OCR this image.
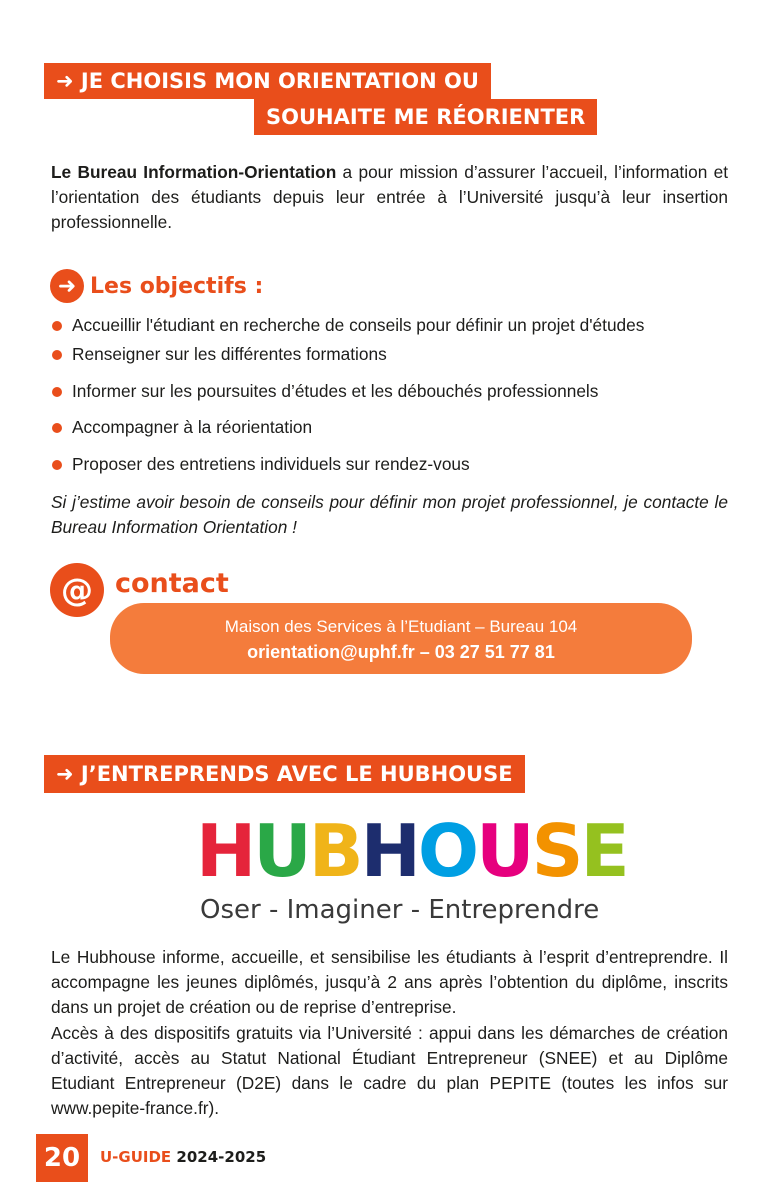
➜ JE CHOISIS MON ORIENTATION OU
SOUHAITE ME RÉORIENTER

Le Bureau Information-Orientation a pour mission d’assurer l’accueil, l’information et l’orientation des étudiants depuis leur entrée à l’Université jusqu’à leur insertion professionnelle.

➜ Les objectifs :
Accueillir l'étudiant en recherche de conseils pour définir un projet d'études
Renseigner sur les différentes formations
Informer sur les poursuites d’études et les débouchés professionnels
Accompagner à la réorientation
Proposer des entretiens individuels sur rendez-vous

Si j’estime avoir besoin de conseils pour définir mon projet professionnel, je contacte le Bureau Information Orientation !

@ contact
Maison des Services à l’Etudiant – Bureau 104
orientation@uphf.fr – 03 27 51 77 81
➜ J’ENTREPRENDS AVEC LE HUBHOUSE
H U B H O U S E
Oser - Imaginer - Entreprendre

Le Hubhouse informe, accueille, et sensibilise les étudiants à l’esprit d’entreprendre. Il accompagne les jeunes diplômés, jusqu’à 2 ans après l’obtention du diplôme, inscrits dans un projet de création ou de reprise d’entreprise.

Accès à des dispositifs gratuits via l’Université : appui dans les démarches de création d’activité, accès au Statut National Étudiant Entrepreneur (SNEE) et au Diplôme Etudiant Entrepreneur (D2E) dans le cadre du plan PEPITE (toutes les infos sur www.pepite-france.fr).

20	U-GUIDE 2024-2025
